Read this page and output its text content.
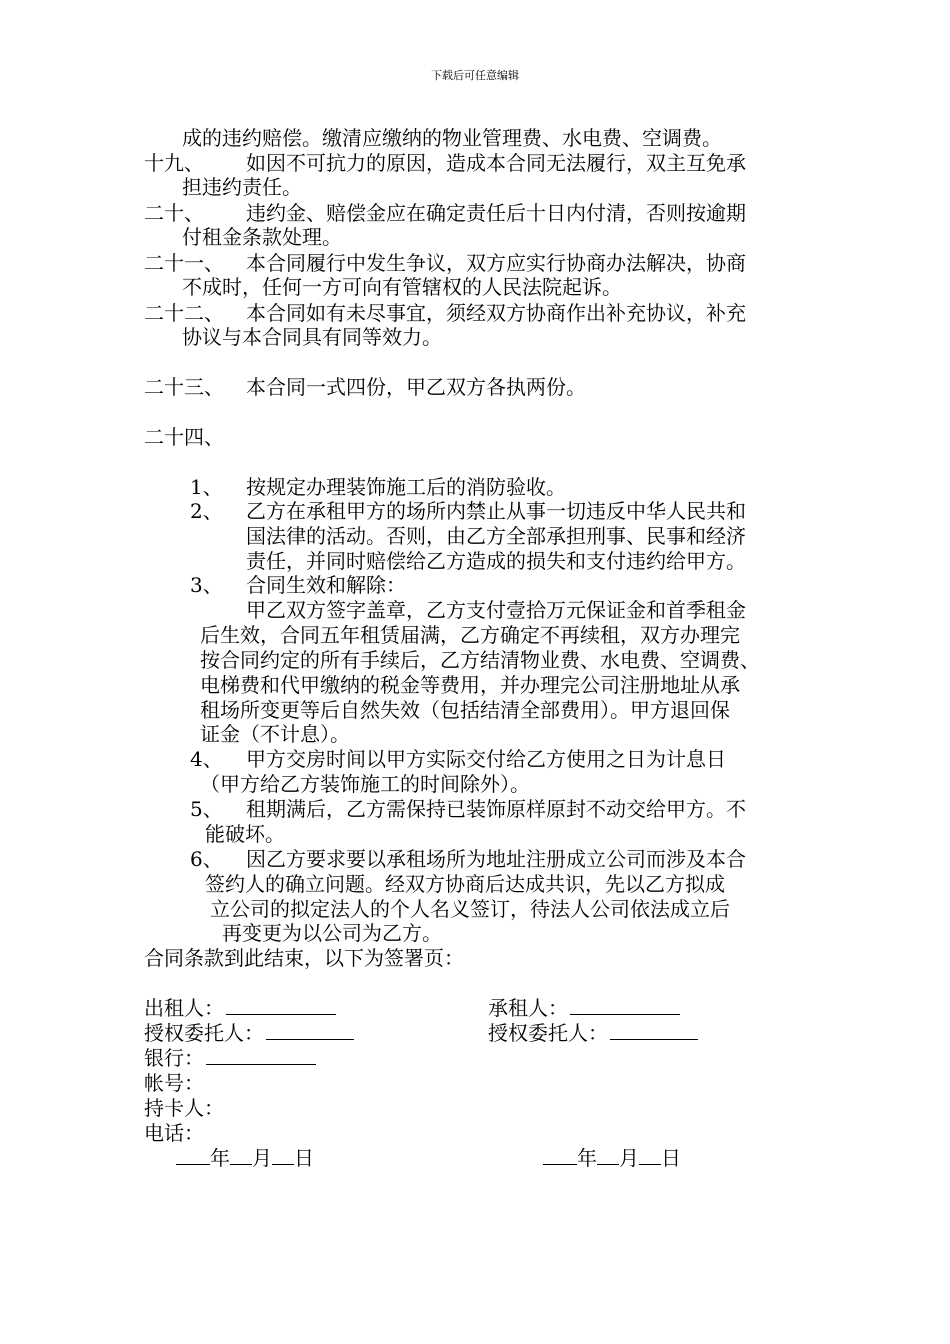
下载后可任意编辑
成的违约赔偿。缴清应缴纳的物业管理费、水电费、空调费。
十九、 如因不可抗力的原因，造成本合同无法履行，双主互免承
担违约责任。
二十、 违约金、赔偿金应在确定责任后十日内付清，否则按逾期
付租金条款处理。
二十一、 本合同履行中发生争议，双方应实行协商办法解决，协商
不成时，任何一方可向有管辖权的人民法院起诉。
二十二、 本合同如有未尽事宜，须经双方协商作出补充协议，补充
协议与本合同具有同等效力。
二十三、 本合同一式四份，甲乙双方各执两份。
二十四、
1、 按规定办理装饰施工后的消防验收。
2、 乙方在承租甲方的场所内禁止从事一切违反中华人民共和
国法律的活动。否则，由乙方全部承担刑事、民事和经济
责任，并同时赔偿给乙方造成的损失和支付违约给甲方。
3、 合同生效和解除：
甲乙双方签字盖章，乙方支付壹拾万元保证金和首季租金
后生效，合同五年租赁届满，乙方确定不再续租，双方办理完
按合同约定的所有手续后，乙方结清物业费、水电费、空调费、
电梯费和代甲缴纳的税金等费用，并办理完公司注册地址从承
租场所变更等后自然失效（包括结清全部费用）。甲方退回保
证金（不计息）。
4、 甲方交房时间以甲方实际交付给乙方使用之日为计息日
（甲方给乙方装饰施工的时间除外）。
5、 租期满后，乙方需保持已装饰原样原封不动交给甲方。不
能破坏。
6、 因乙方要求要以承租场所为地址注册成立公司而涉及本合
签约人的确立问题。经双方协商后达成共识，先以乙方拟成
立公司的拟定法人的个人名义签订，待法人公司依法成立后
再变更为以公司为乙方。
合同条款到此结束，以下为签署页：
出租人：	承租人：
授权委托人：	授权委托人：
银行：
帐号：
持卡人：
电话：
年 月 日	年 月 日
